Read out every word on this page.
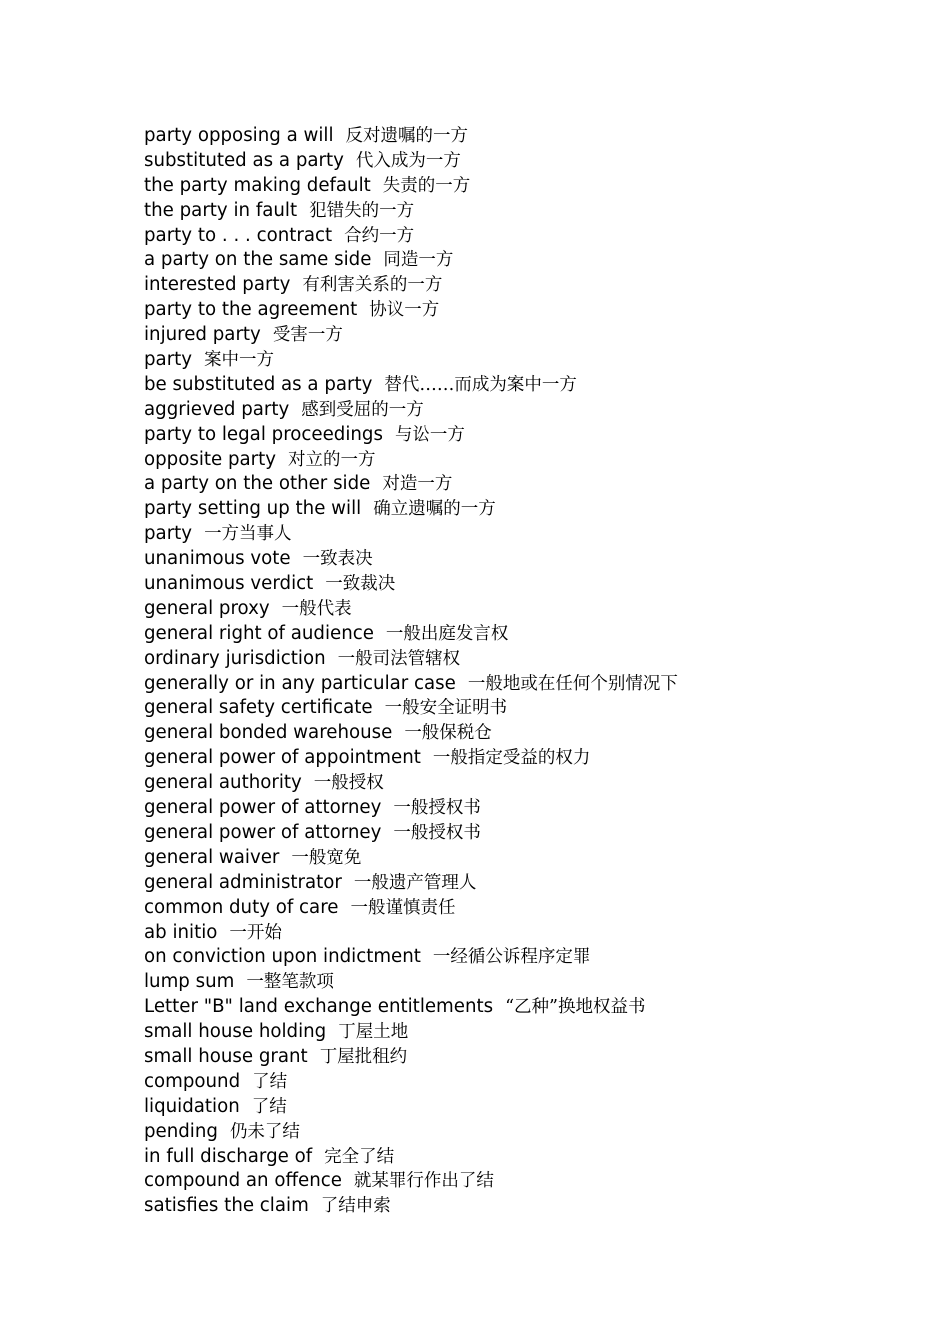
party opposing a will 反对遗嘱的一方
substituted as a party 代入成为一方
the party making default 失责的一方
the party in fault 犯错失的一方
party to . . . contract 合约一方
a party on the same side 同造一方
interested party 有利害关系的一方
party to the agreement 协议一方
injured party 受害一方
party 案中一方
be substituted as a party 替代……而成为案中一方
aggrieved party 感到受屈的一方
party to legal proceedings 与讼一方
opposite party 对立的一方
a party on the other side 对造一方
party setting up the will 确立遗嘱的一方
party 一方当事人
unanimous vote 一致表决
unanimous verdict 一致裁决
general proxy 一般代表
general right of audience 一般出庭发言权
ordinary jurisdiction 一般司法管辖权
generally or in any particular case 一般地或在任何个别情况下
general safety certificate 一般安全证明书
general bonded warehouse 一般保税仓
general power of appointment 一般指定受益的权力
general authority 一般授权
general power of attorney 一般授权书
general power of attorney 一般授权书
general waiver 一般宽免
general administrator 一般遗产管理人
common duty of care 一般谨慎责任
ab initio 一开始
on conviction upon indictment 一经循公诉程序定罪
lump sum 一整笔款项
Letter "B" land exchange entitlements “乙种”换地权益书
small house holding 丁屋土地
small house grant 丁屋批租约
compound 了结
liquidation 了结
pending 仍未了结
in full discharge of 完全了结
compound an offence 就某罪行作出了结
satisfies the claim 了结申索
